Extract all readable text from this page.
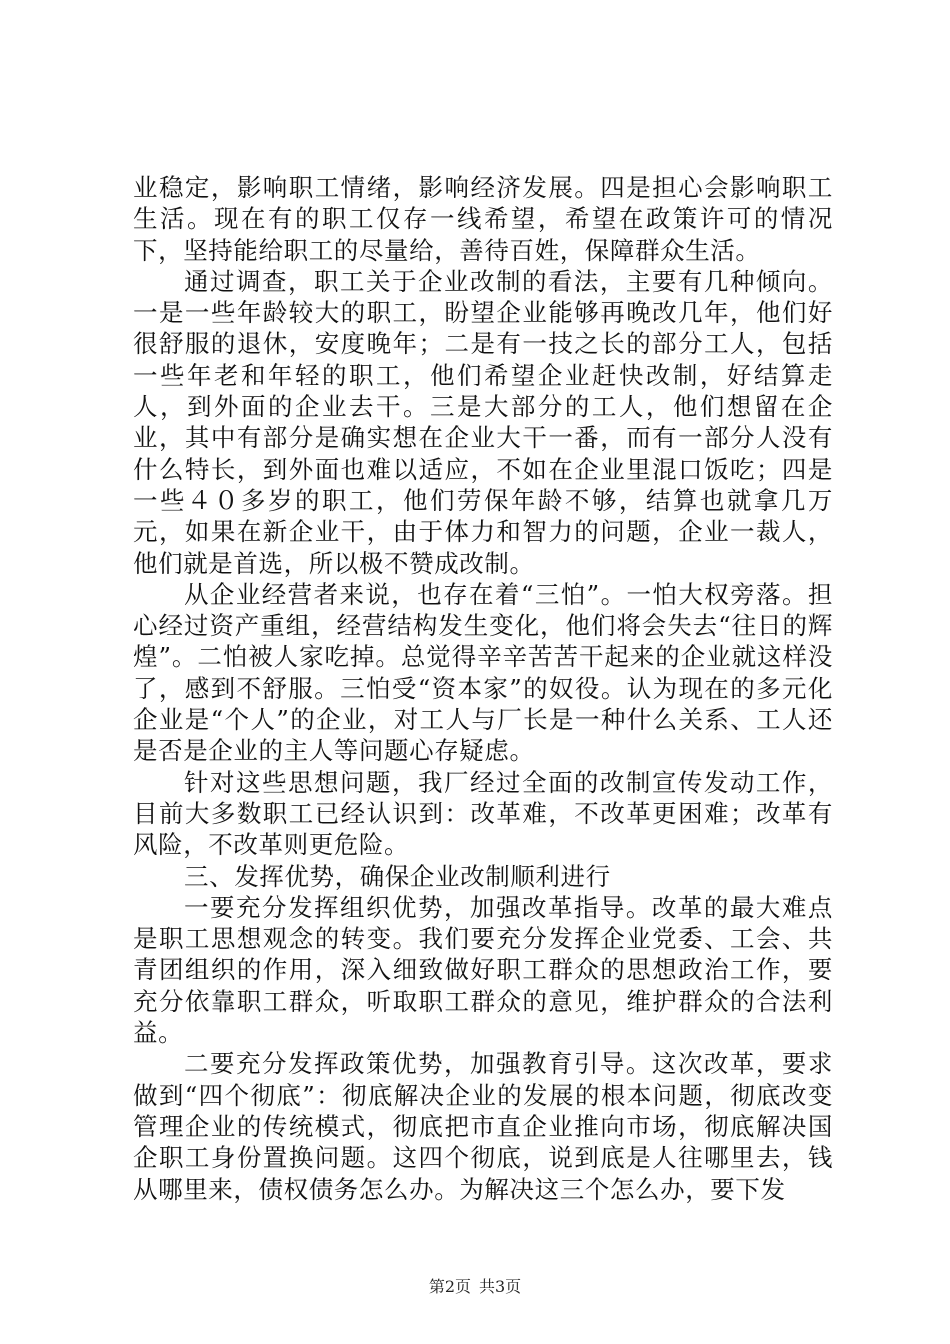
业稳定，影响职工情绪，影响经济发展。四是担心会影响职工生活。现在有的职工仅存一线希望，希望在政策许可的情况下，坚持能给职工的尽量给，善待百姓，保障群众生活。

通过调查，职工关于企业改制的看法，主要有几种倾向。一是一些年龄较大的职工，盼望企业能够再晚改几年，他们好很舒服的退休，安度晚年；二是有一技之长的部分工人，包括一些年老和年轻的职工，他们希望企业赶快改制，好结算走人，到外面的企业去干。三是大部分的工人，他们想留在企业，其中有部分是确实想在企业大干一番，而有一部分人没有什么特长，到外面也难以适应，不如在企业里混口饭吃；四是一些４０多岁的职工，他们劳保年龄不够，结算也就拿几万元，如果在新企业干，由于体力和智力的问题，企业一裁人，他们就是首选，所以极不赞成改制。

从企业经营者来说，也存在着“三怕”。一怕大权旁落。担心经过资产重组，经营结构发生变化，他们将会失去“往日的辉煌”。二怕被人家吃掉。总觉得辛辛苦苦干起来的企业就这样没了，感到不舒服。三怕受“资本家”的奴役。认为现在的多元化企业是“个人”的企业，对工人与厂长是一种什么关系、工人还是否是企业的主人等问题心存疑虑。

针对这些思想问题，我厂经过全面的改制宣传发动工作，目前大多数职工已经认识到：改革难，不改革更困难；改革有风险，不改革则更危险。

三、发挥优势，确保企业改制顺利进行

一要充分发挥组织优势，加强改革指导。改革的最大难点是职工思想观念的转变。我们要充分发挥企业党委、工会、共青团组织的作用，深入细致做好职工群众的思想政治工作，要充分依靠职工群众，听取职工群众的意见，维护群众的合法利益。

二要充分发挥政策优势，加强教育引导。这次改革，要求做到“四个彻底”：彻底解决企业的发展的根本问题，彻底改变管理企业的传统模式，彻底把市直企业推向市场，彻底解决国企职工身份置换问题。这四个彻底，说到底是人往哪里去，钱从哪里来，债权债务怎么办。为解决这三个怎么办，要下发

第2页 共3页
